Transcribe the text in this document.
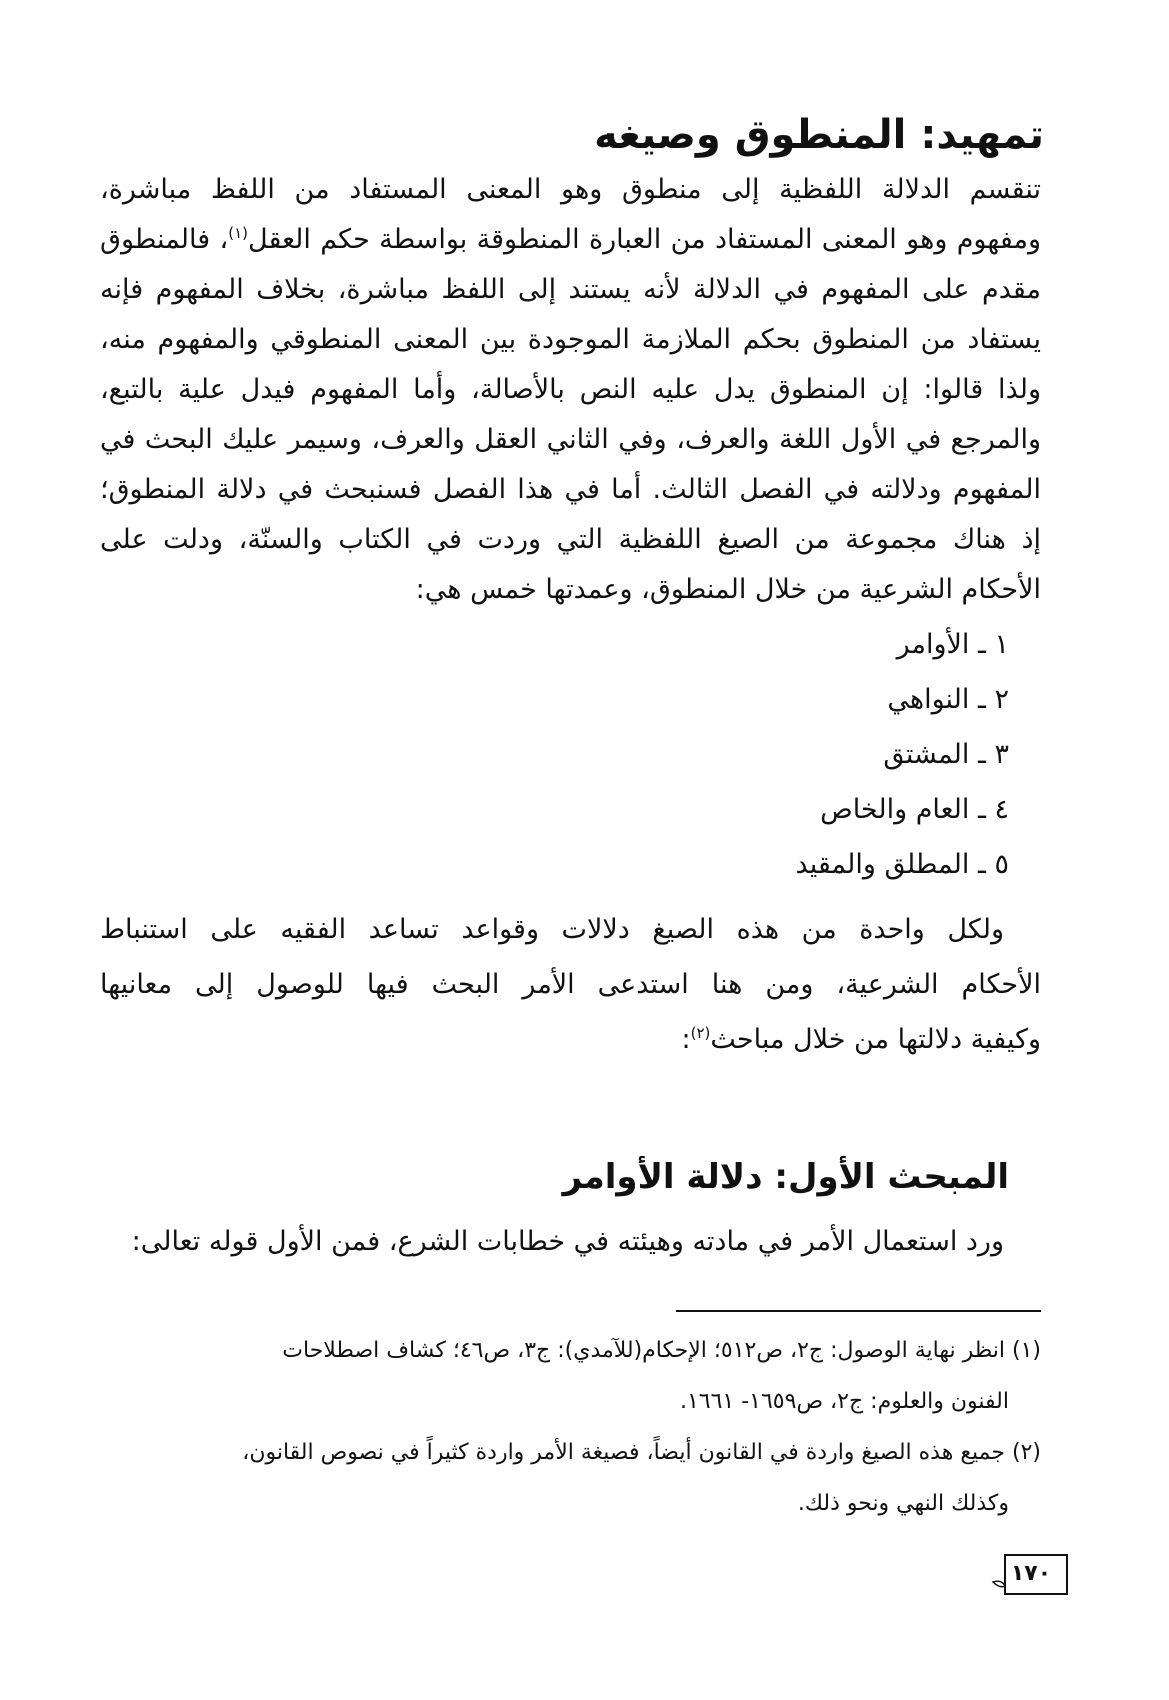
تمهيد: المنطوق وصيغه

تنقسم الدلالة اللفظية إلى منطوق وهو المعنى المستفاد من اللفظ مباشرة،

ومفهوم وهو المعنى المستفاد من العبارة المنطوقة بواسطة حكم العقل$^{(١)}$، فالمنطوق

مقدم على المفهوم في الدلالة لأنه يستند إلى اللفظ مباشرة، بخلاف المفهوم فإنه

يستفاد من المنطوق بحكم الملازمة الموجودة بين المعنى المنطوقي والمفهوم منه،

ولذا قالوا: إن المنطوق يدل عليه النص بالأصالة، وأما المفهوم فيدل علية بالتبع،

والمرجع في الأول اللغة والعرف، وفي الثاني العقل والعرف، وسيمر عليك البحث في

المفهوم ودلالته في الفصل الثالث. أما في هذا الفصل فسنبحث في دلالة المنطوق؛

إذ هناك مجموعة من الصيغ اللفظية التي وردت في الكتاب والسنّة، ودلت على

الأحكام الشرعية من خلال المنطوق، وعمدتها خمس هي:

١ ـ الأوامر

٢ ـ النواهي

٣ ـ المشتق

٤ ـ العام والخاص

٥ ـ المطلق والمقيد

ولكل واحدة من هذه الصيغ دلالات وقواعد تساعد الفقيه على استنباط

الأحكام الشرعية، ومن هنا استدعى الأمر البحث فيها للوصول إلى معانيها

وكيفية دلالتها من خلال مباحث$^{(٢)}$:

المبحث الأول: دلالة الأوامر

ورد استعمال الأمر في مادته وهيئته في خطابات الشرع، فمن الأول قوله تعالى:

(١) انظر نهاية الوصول: ج٢، ص٥١٢؛ الإحكام(للآمدي): ج٣، ص٤٦؛ كشاف اصطلاحات

الفنون والعلوم: ج٢، ص١٦٥٩- ١٦٦١.

(٢) جميع هذه الصيغ واردة في القانون أيضاً، فصيغة الأمر واردة كثيراً في نصوص القانون،

وكذلك النهي ونحو ذلك.

١٧٠
